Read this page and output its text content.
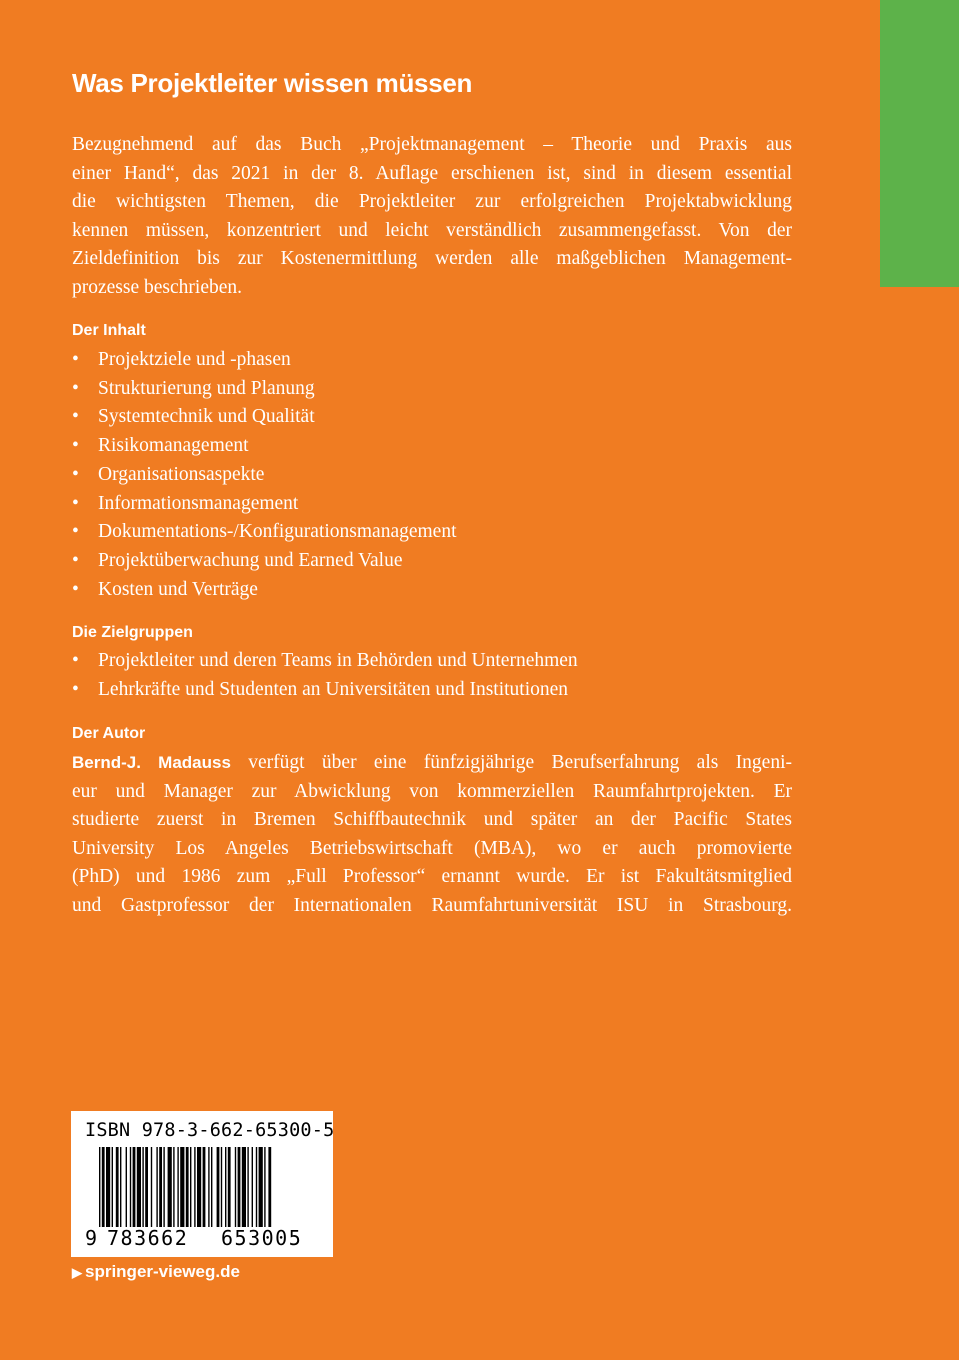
Was Projektleiter wissen müssen
Bezugnehmend auf das Buch „Projektmanagement – Theorie und Praxis aus
einer Hand“, das 2021 in der 8. Auflage erschienen ist, sind in diesem essential
die wichtigsten Themen, die Projektleiter zur erfolgreichen Projektabwicklung
kennen müssen, konzentriert und leicht verständlich zusammengefasst. Von der
Zieldefinition bis zur Kostenermittlung werden alle maßgeblichen Management-
prozesse beschrieben.
Der Inhalt
• Projektziele und -phasen
• Strukturierung und Planung
• Systemtechnik und Qualität
• Risikomanagement
• Organisationsaspekte
• Informationsmanagement
• Dokumentations-/Konfigurationsmanagement
• Projektüberwachung und Earned Value
• Kosten und Verträge
Die Zielgruppen
• Projektleiter und deren Teams in Behörden und Unternehmen
• Lehrkräfte und Studenten an Universitäten und Institutionen
Der Autor
Bernd-J. Madauss verfügt über eine fünfzigjährige Berufserfahrung als Ingeni-
eur und Manager zur Abwicklung von kommerziellen Raumfahrtprojekten. Er
studierte zuerst in Bremen Schiffbautechnik und später an der Pacific States
University Los Angeles Betriebswirtschaft (MBA), wo er auch promovierte
(PhD) und 1986 zum „Full Professor“ ernannt wurde. Er ist Fakultätsmitglied
und Gastprofessor der Internationalen Raumfahrtuniversität ISU in Strasbourg.
ISBN 978-3-662-65300-5
9 783662 653005
▶ springer-vieweg.de
